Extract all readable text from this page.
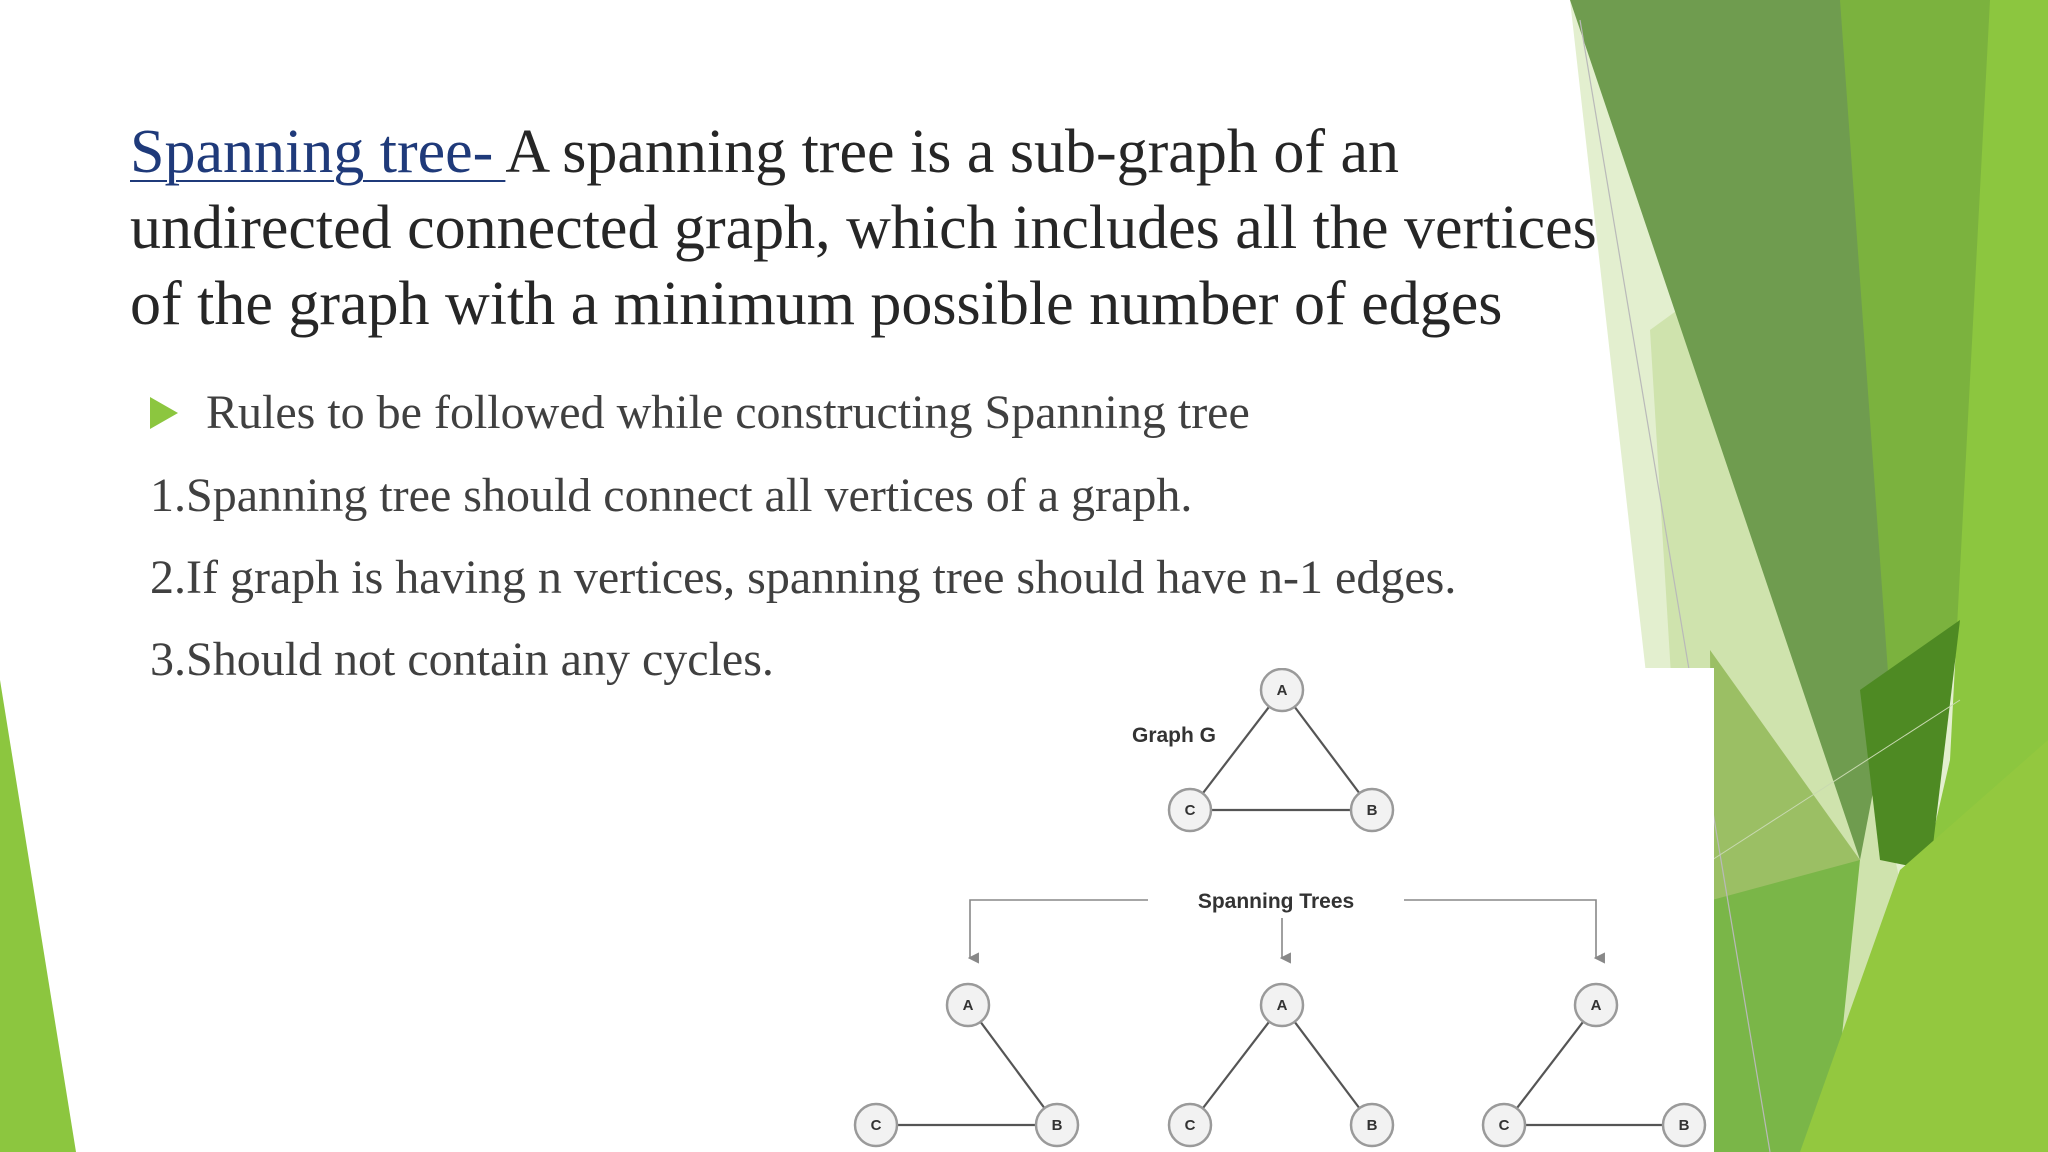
Spanning tree- A spanning tree is a sub-graph of an undirected connected graph, which includes all the vertices of the graph with a minimum possible number of edges
Rules to be followed while constructing Spanning tree
1.Spanning tree should connect all vertices of a graph.
2.If graph is having n vertices, spanning tree should have n-1 edges.
3.Should not contain any cycles.
Graph G
A
C	B
Spanning Trees
A
C	B
A
C	B
A
C	B
